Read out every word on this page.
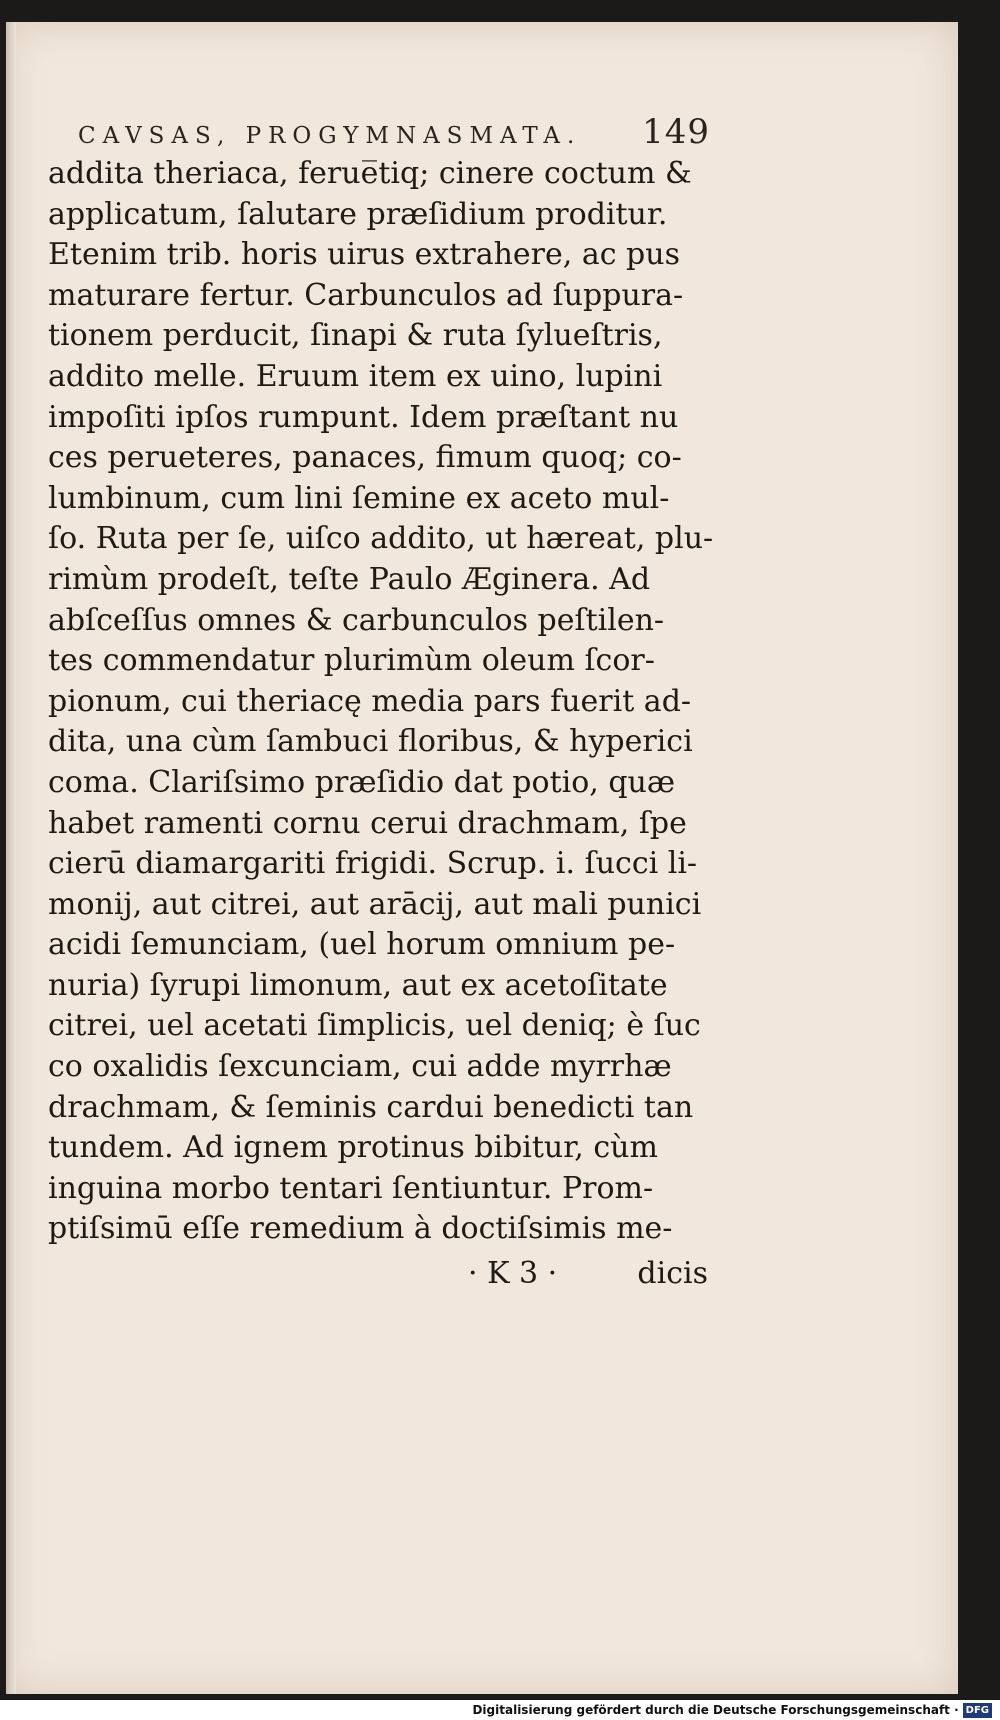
CAVSAS, PROGYMNASMATA. 149
addita theriaca, ferue̅tiq; cinere coctum &
applicatum, ſalutare præſidium proditur.
Etenim trib. horis uirus extrahere, ac pus
maturare fertur. Carbunculos ad ſuppura-
tionem perducit, ſinapi & ruta ſylueſtris,
addito melle. Eruum item ex uino, lupini
impoſiti ipſos rumpunt. Idem præſtant nu
ces perueteres, panaces, fimum quoq; co-
lumbinum, cum lini ſemine ex aceto mul-
ſo. Ruta per ſe, uiſco addito, ut hæreat, plu-
rimùm prodeſt, teſte Paulo Æginera. Ad
abſceſſus omnes & carbunculos peſtilen-
tes commendatur plurimùm oleum ſcor-
pionum, cui theriacę media pars fuerit ad-
dita, una cùm ſambuci floribus, & hyperici
coma. Clariſsimo præſidio dat potio, quæ
habet ramenti cornu cerui drachmam, ſpe
cierū diamargariti frigidi. Scrup. i. ſucci li-
monij, aut citrei, aut arācij, aut mali punici
acidi ſemunciam, (uel horum omnium pe-
nuria) ſyrupi limonum, aut ex acetoſitate
citrei, uel acetati ſimplicis, uel deniq; è ſuc
co oxalidis ſexcunciam, cui adde myrrhæ
drachmam, & ſeminis cardui benedicti tan
tundem. Ad ignem protinus bibitur, cùm
inguina morbo tentari ſentiuntur. Prom-
ptiſsimū eſſe remedium à doctiſsimis me-
· K 3 ·	dicis
Digitalisierung gefördert durch die Deutsche Forschungsgemeinschaft · DFG
